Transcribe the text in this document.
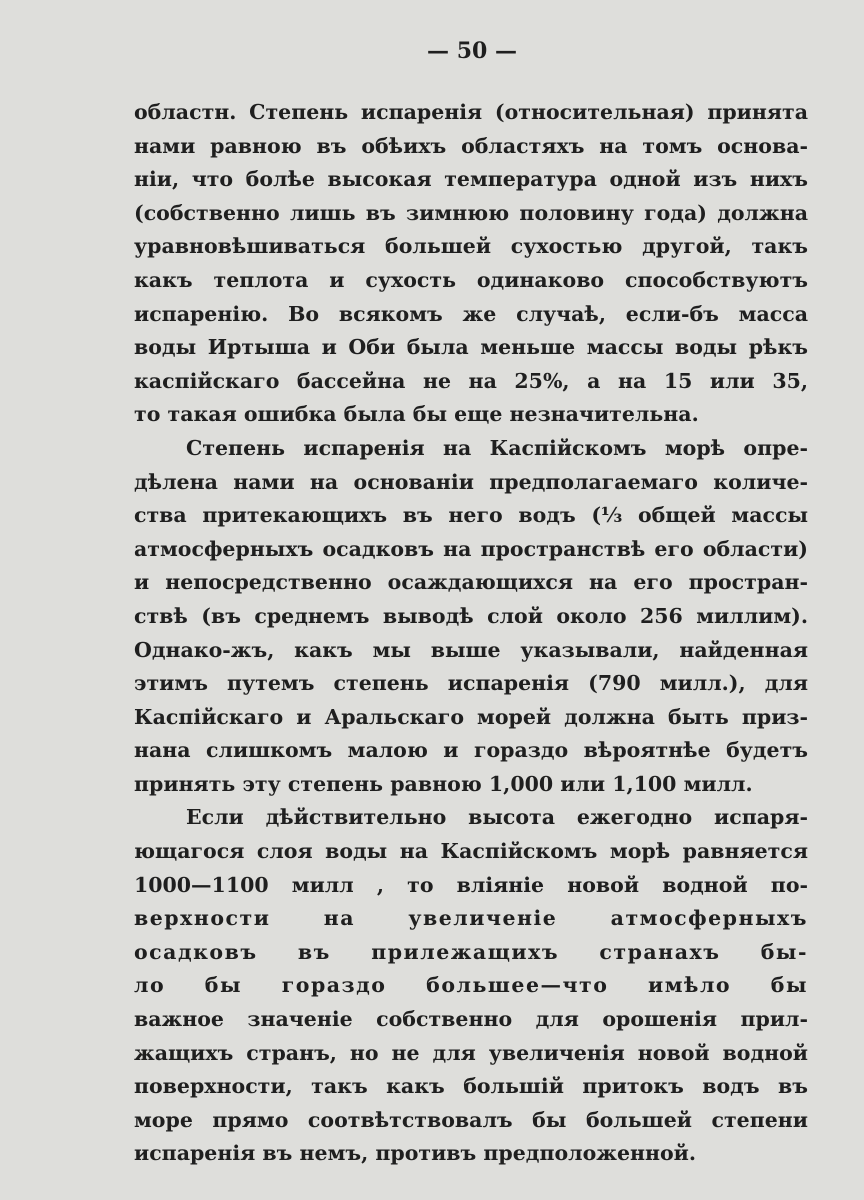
— 50 —
областн. Степень испаренія (относительная) принята
нами равною въ обѣихъ областяхъ на томъ основа-
ніи, что болѣе высокая температура одной изъ нихъ
(собственно лишь въ зимнюю половину года) должна
уравновѣшиваться большей сухостью другой, такъ
какъ теплота и сухость одинаково способствуютъ
испаренію. Во всякомъ же случаѣ, если-бъ масса
воды Иртыша и Оби была меньше массы воды рѣкъ
каспійскаго бассейна не на 25%, а на 15 или 35,
то такая ошибка была бы еще незначительна.
Степень испаренія на Каспійскомъ морѣ опре-
дѣлена нами на основаніи предполагаемаго количе-
ства притекающихъ въ него водъ (⅓ общей массы
атмосферныхъ осадковъ на пространствѣ его области)
и непосредственно осаждающихся на его простран-
ствѣ (въ среднемъ выводѣ слой около 256 миллим).
Однако-жъ, какъ мы выше указывали, найденная
этимъ путемъ степень испаренія (790 милл.), для
Каспійскаго и Аральскаго морей должна быть приз-
нана слишкомъ малою и гораздо вѣроятнѣе будетъ
принять эту степень равною 1,000 или 1,100 милл.
Если дѣйствительно высота ежегодно испаря-
ющагося слоя воды на Каспійскомъ морѣ равняется
1000—1100 милл , то вліяніе новой водной по-
верхности на увеличеніе атмосферныхъ
осадковъ въ прилежащихъ странахъ бы-
ло бы гораздо большее—что имѣло бы
важное значеніе собственно для орошенія прил-
жащихъ странъ, но не для увеличенія новой водной
поверхности, такъ какъ большій притокъ водъ въ
море прямо соотвѣтствовалъ бы большей степени
испаренія въ немъ, противъ предположенной.
